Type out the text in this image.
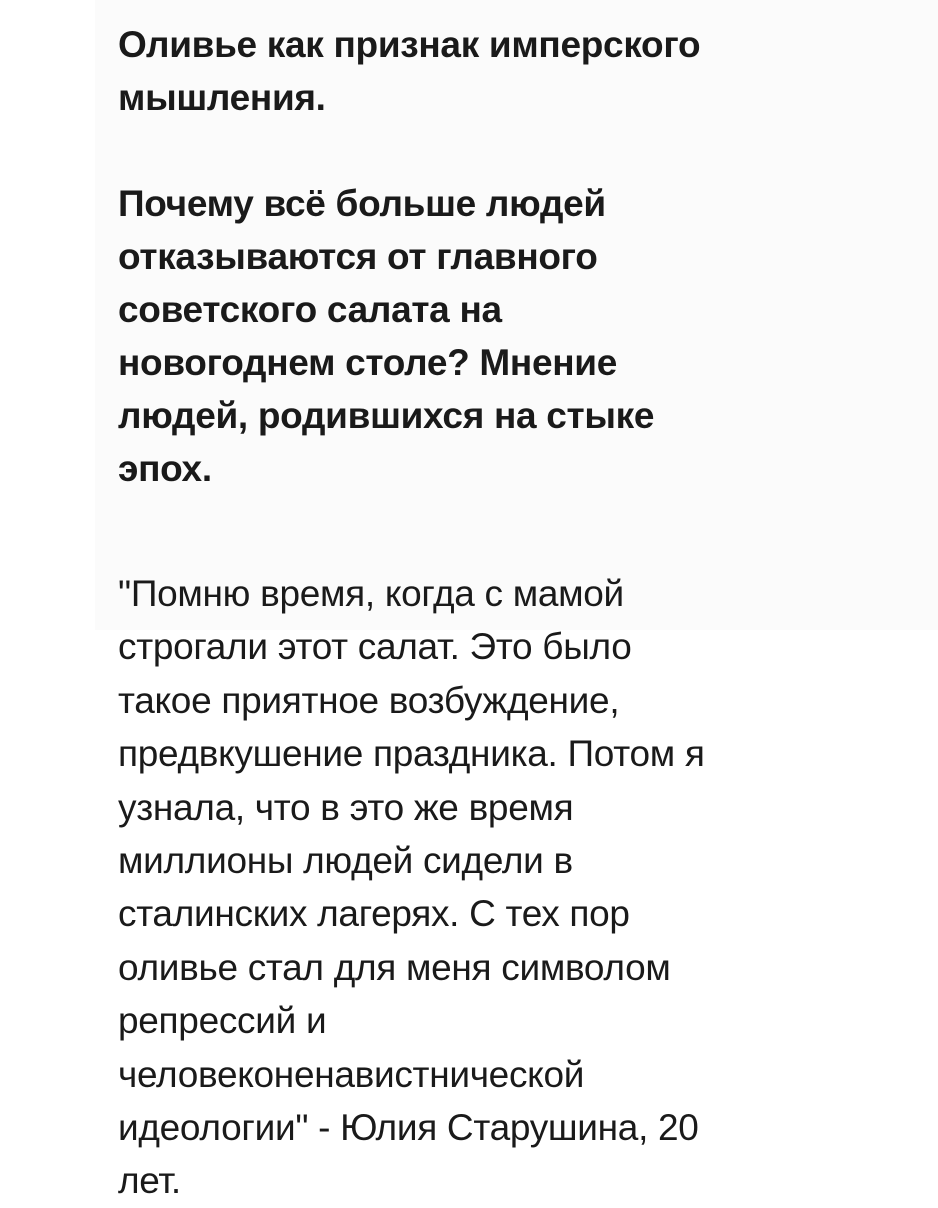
Оливье как признак имперского
мышления.
Почему всё больше людей
отказываются от главного
советского салата на
новогоднем столе? Мнение
людей, родившихся на стыке
эпох.

"Помню время, когда с мамой
строгали этот салат. Это было
такое приятное возбуждение,
предвкушение праздника. Потом я
узнала, что в это же время
миллионы людей сидели в
сталинских лагерях. С тех пор
оливье стал для меня символом
репрессий и
человеконенавистнической
идеологии" - Юлия Старушина, 20
лет.
